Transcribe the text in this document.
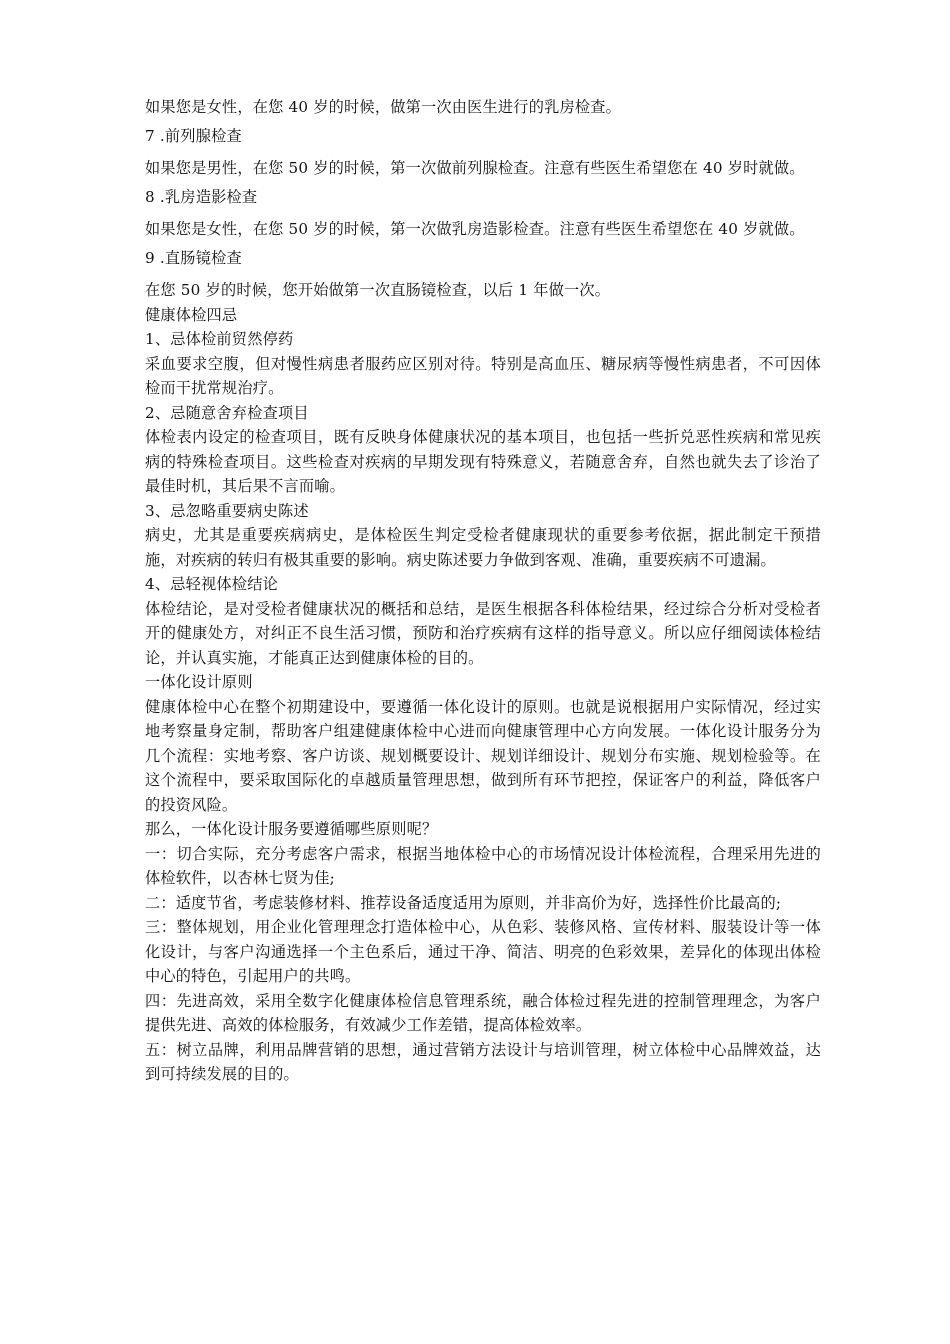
如果您是女性，在您 40 岁的时候，做第一次由医生进行的乳房检查。
7 .前列腺检查
如果您是男性，在您 50 岁的时候，第一次做前列腺检查。注意有些医生希望您在 40 岁时就做。
8 .乳房造影检查
如果您是女性，在您 50 岁的时候，第一次做乳房造影检查。注意有些医生希望您在 40 岁就做。
9 .直肠镜检查
在您 50 岁的时候，您开始做第一次直肠镜检查，以后 1 年做一次。
健康体检四忌
1、忌体检前贸然停药
采血要求空腹，但对慢性病患者服药应区别对待。特别是高血压、糖尿病等慢性病患者，不可因体检而干扰常规治疗。
2、忌随意舍弃检查项目
体检表内设定的检查项目，既有反映身体健康状况的基本项目，也包括一些折兑恶性疾病和常见疾病的特殊检查项目。这些检查对疾病的早期发现有特殊意义，若随意舍弃，自然也就失去了诊治了最佳时机，其后果不言而喻。
3、忌忽略重要病史陈述
病史，尤其是重要疾病病史，是体检医生判定受检者健康现状的重要参考依据，据此制定干预措施，对疾病的转归有极其重要的影响。病史陈述要力争做到客观、准确，重要疾病不可遗漏。
4、忌轻视体检结论
体检结论，是对受检者健康状况的概括和总结，是医生根据各科体检结果，经过综合分析对受检者开的健康处方，对纠正不良生活习惯，预防和治疗疾病有这样的指导意义。所以应仔细阅读体检结论，并认真实施，才能真正达到健康体检的目的。
一体化设计原则
健康体检中心在整个初期建设中，要遵循一体化设计的原则。也就是说根据用户实际情况，经过实地考察量身定制，帮助客户组建健康体检中心进而向健康管理中心方向发展。一体化设计服务分为几个流程：实地考察、客户访谈、规划概要设计、规划详细设计、规划分布实施、规划检验等。在这个流程中，要采取国际化的卓越质量管理思想，做到所有环节把控，保证客户的利益，降低客户的投资风险。
那么，一体化设计服务要遵循哪些原则呢？
一：切合实际，充分考虑客户需求，根据当地体检中心的市场情况设计体检流程，合理采用先进的体检软件，以杏林七贤为佳;
二：适度节省，考虑装修材料、推荐设备适度适用为原则，并非高价为好，选择性价比最高的;
三：整体规划，用企业化管理理念打造体检中心，从色彩、装修风格、宣传材料、服装设计等一体化设计，与客户沟通选择一个主色系后，通过干净、简洁、明亮的色彩效果，差异化的体现出体检中心的特色，引起用户的共鸣。
四：先进高效，采用全数字化健康体检信息管理系统，融合体检过程先进的控制管理理念，为客户提供先进、高效的体检服务，有效减少工作差错，提高体检效率。
五：树立品牌，利用品牌营销的思想，通过营销方法设计与培训管理，树立体检中心品牌效益，达到可持续发展的目的。
